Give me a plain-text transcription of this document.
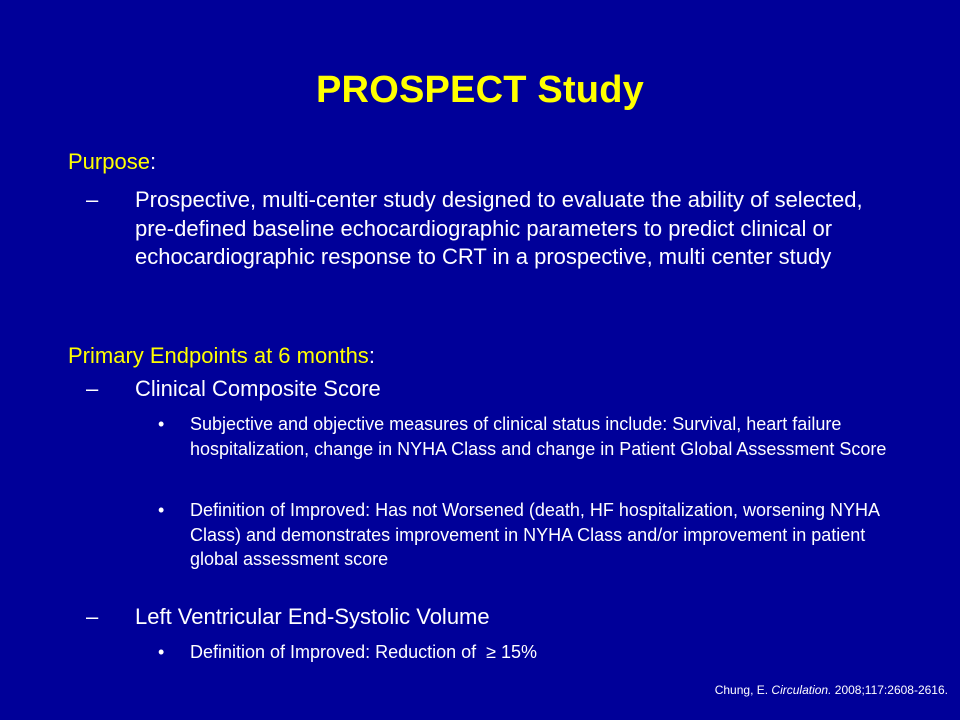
PROSPECT Study
Purpose:
– Prospective, multi-center study designed to evaluate the ability of selected, pre-defined baseline echocardiographic parameters to predict clinical or echocardiographic response to CRT in a prospective, multi center study
Primary Endpoints at 6 months:
– Clinical Composite Score
• Subjective and objective measures of clinical status include: Survival, heart failure hospitalization, change in NYHA Class and change in Patient Global Assessment Score
• Definition of Improved: Has not Worsened (death, HF hospitalization, worsening NYHA Class) and demonstrates improvement in NYHA Class and/or improvement in patient global assessment score
– Left Ventricular End-Systolic Volume
• Definition of Improved: Reduction of  ≥ 15%
Chung, E. Circulation. 2008;117:2608-2616.
